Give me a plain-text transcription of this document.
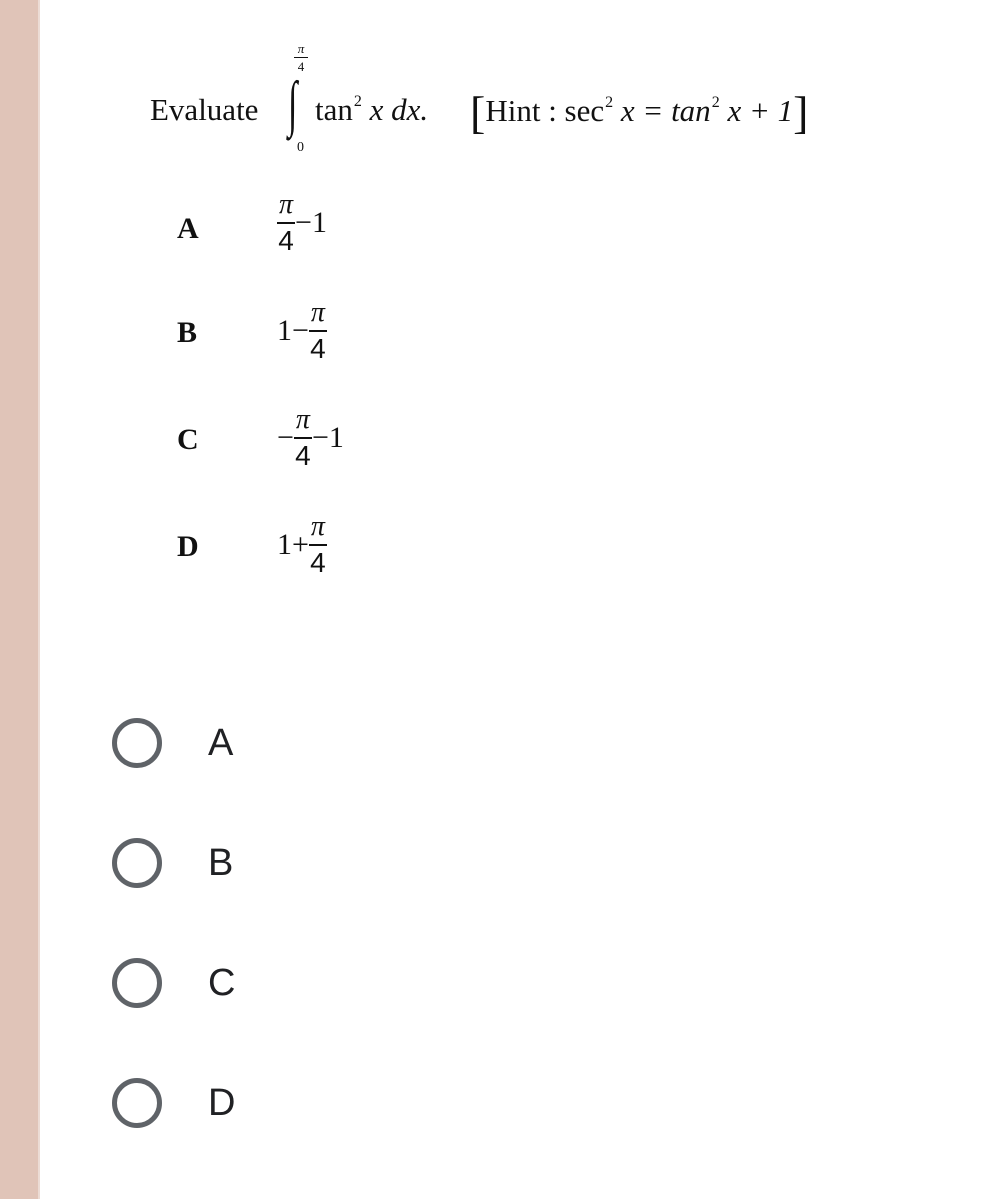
Evaluate
π
4
∫
0
$\tan^2 x$ dx. [Hint : $\sec^2 x = \tan^2 x + 1$]
A	$\frac{\pi}{4} -1$
B	$1- \frac{\pi}{4}$
C	− $\frac{\pi}{4} -1$
D	$1+ \frac{\pi}{4}$
A
B
C
D
